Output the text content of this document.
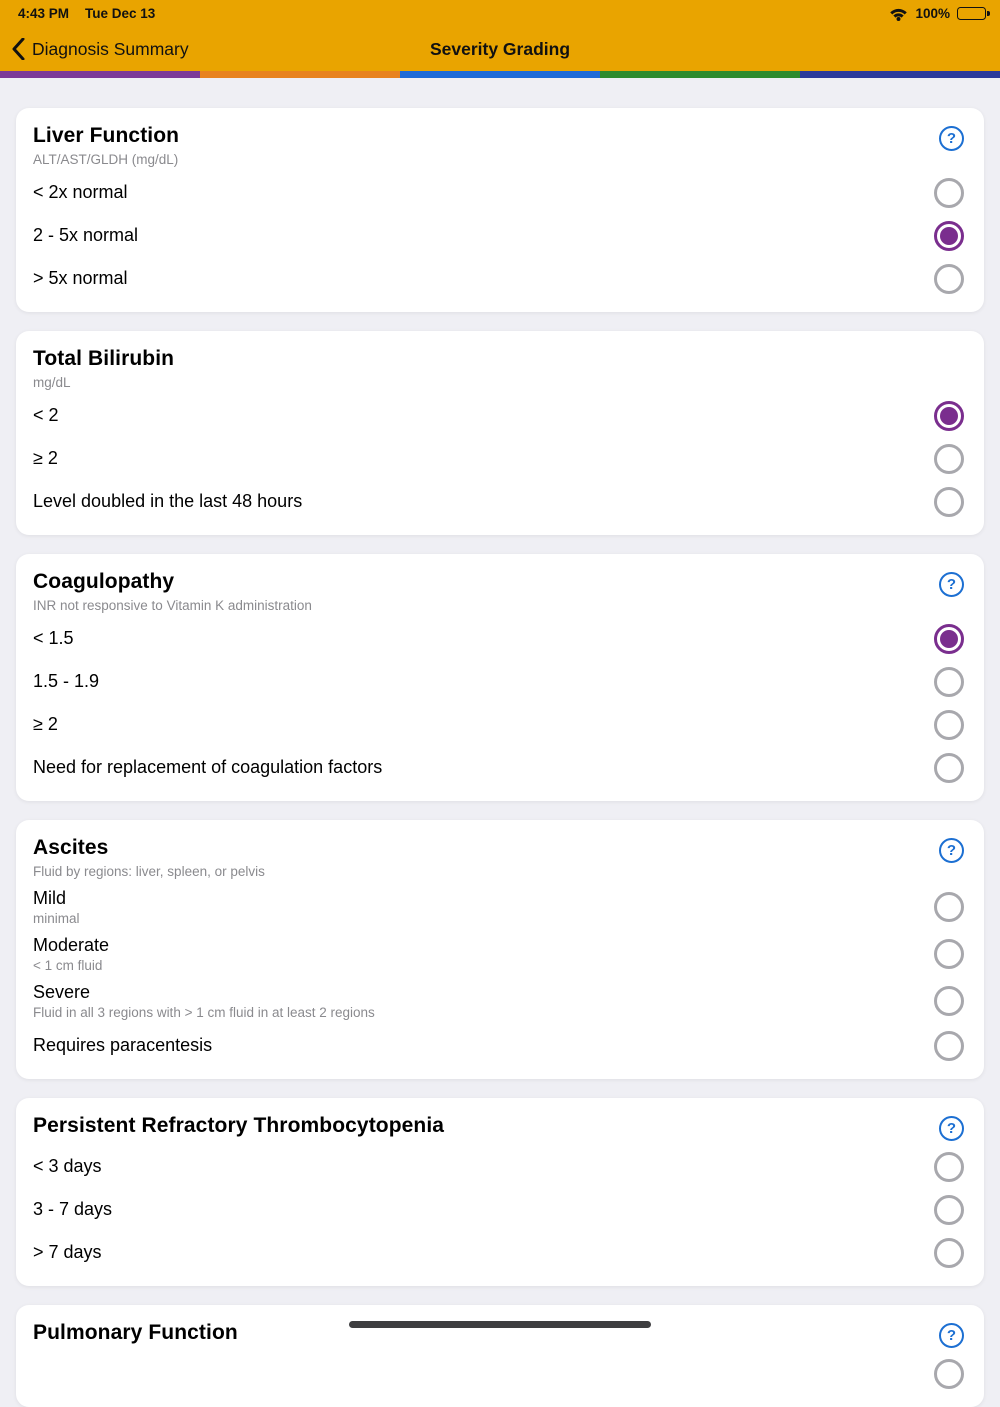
4:43 PM Tue Dec 13	100%
Diagnosis Summary	Severity Grading
Liver Function
ALT/AST/GLDH (mg/dL)
?
< 2x normal
2 - 5x normal
> 5x normal
Total Bilirubin
mg/dL
< 2
≥ 2
Level doubled in the last 48 hours
Coagulopathy
INR not responsive to Vitamin K administration
?
< 1.5
1.5 - 1.9
≥ 2
Need for replacement of coagulation factors
Ascites
Fluid by regions: liver, spleen, or pelvis
?
Mild
minimal
Moderate
< 1 cm fluid
Severe
Fluid in all 3 regions with > 1 cm fluid in at least 2 regions
Requires paracentesis
Persistent Refractory Thrombocytopenia	?
< 3 days
3 - 7 days
> 7 days
Pulmonary Function	?
